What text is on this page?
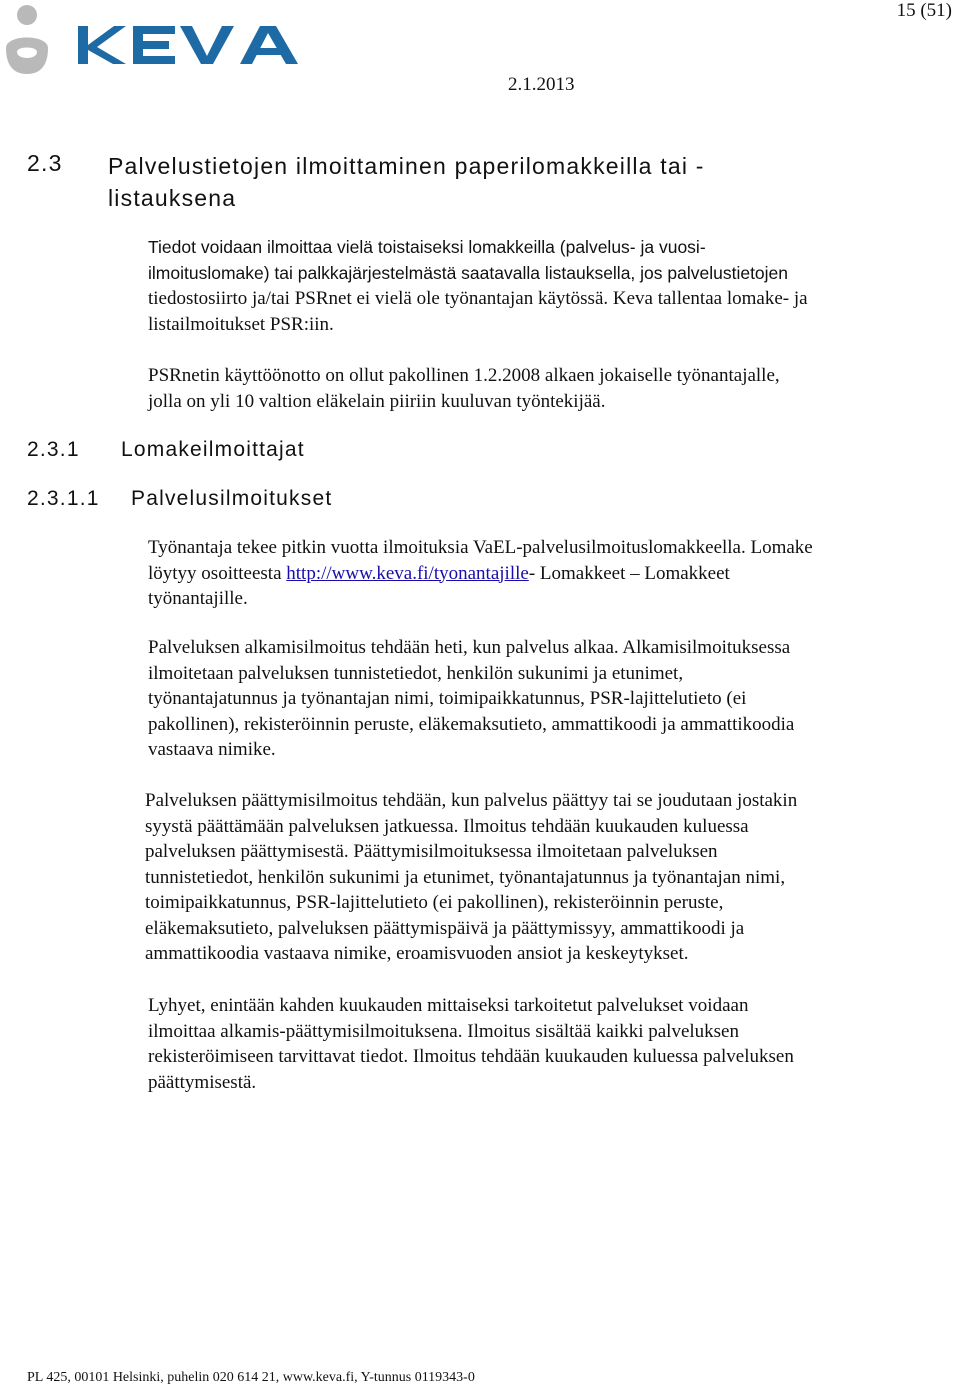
15 (51)
2.1.2013
2.3 Palvelustietojen ilmoittaminen paperilomakkeilla tai -
listauksena
Tiedot voidaan ilmoittaa vielä toistaiseksi lomakkeilla (palvelus- ja vuosi-
ilmoituslomake) tai palkkajärjestelmästä saatavalla listauksella, jos palvelustietojen
tiedostosiirto ja/tai PSRnet ei vielä ole työnantajan käytössä. Keva tallentaa lomake- ja
listailmoitukset PSR:iin.
PSRnetin käyttöönotto on ollut pakollinen 1.2.2008 alkaen jokaiselle työnantajalle,
jolla on yli 10 valtion eläkelain piiriin kuuluvan työntekijää.
2.3.1 Lomakeilmoittajat
2.3.1.1 Palvelusilmoitukset
Työnantaja tekee pitkin vuotta ilmoituksia VaEL-palvelusilmoituslomakkeella. Lomake
löytyy osoitteesta http://www.keva.fi/tyonantajille- Lomakkeet – Lomakkeet
työnantajille.
Palveluksen alkamisilmoitus tehdään heti, kun palvelus alkaa. Alkamisilmoituksessa
ilmoitetaan palveluksen tunnistetiedot, henkilön sukunimi ja etunimet,
työnantajatunnus ja työnantajan nimi, toimipaikkatunnus, PSR-lajittelutieto (ei
pakollinen), rekisteröinnin peruste, eläkemaksutieto, ammattikoodi ja ammattikoodia
vastaava nimike.
Palveluksen päättymisilmoitus tehdään, kun palvelus päättyy tai se joudutaan jostakin
syystä päättämään palveluksen jatkuessa. Ilmoitus tehdään kuukauden kuluessa
palveluksen päättymisestä. Päättymisilmoituksessa ilmoitetaan palveluksen
tunnistetiedot, henkilön sukunimi ja etunimet, työnantajatunnus ja työnantajan nimi,
toimipaikkatunnus, PSR-lajittelutieto (ei pakollinen), rekisteröinnin peruste,
eläkemaksutieto, palveluksen päättymispäivä ja päättymissyy, ammattikoodi ja
ammattikoodia vastaava nimike, eroamisvuoden ansiot ja keskeytykset.
Lyhyet, enintään kahden kuukauden mittaiseksi tarkoitetut palvelukset voidaan
ilmoittaa alkamis-päättymisilmoituksena. Ilmoitus sisältää kaikki palveluksen
rekisteröimiseen tarvittavat tiedot. Ilmoitus tehdään kuukauden kuluessa palveluksen
päättymisestä.
PL 425, 00101 Helsinki, puhelin 020 614 21, www.keva.fi, Y-tunnus 0119343-0
